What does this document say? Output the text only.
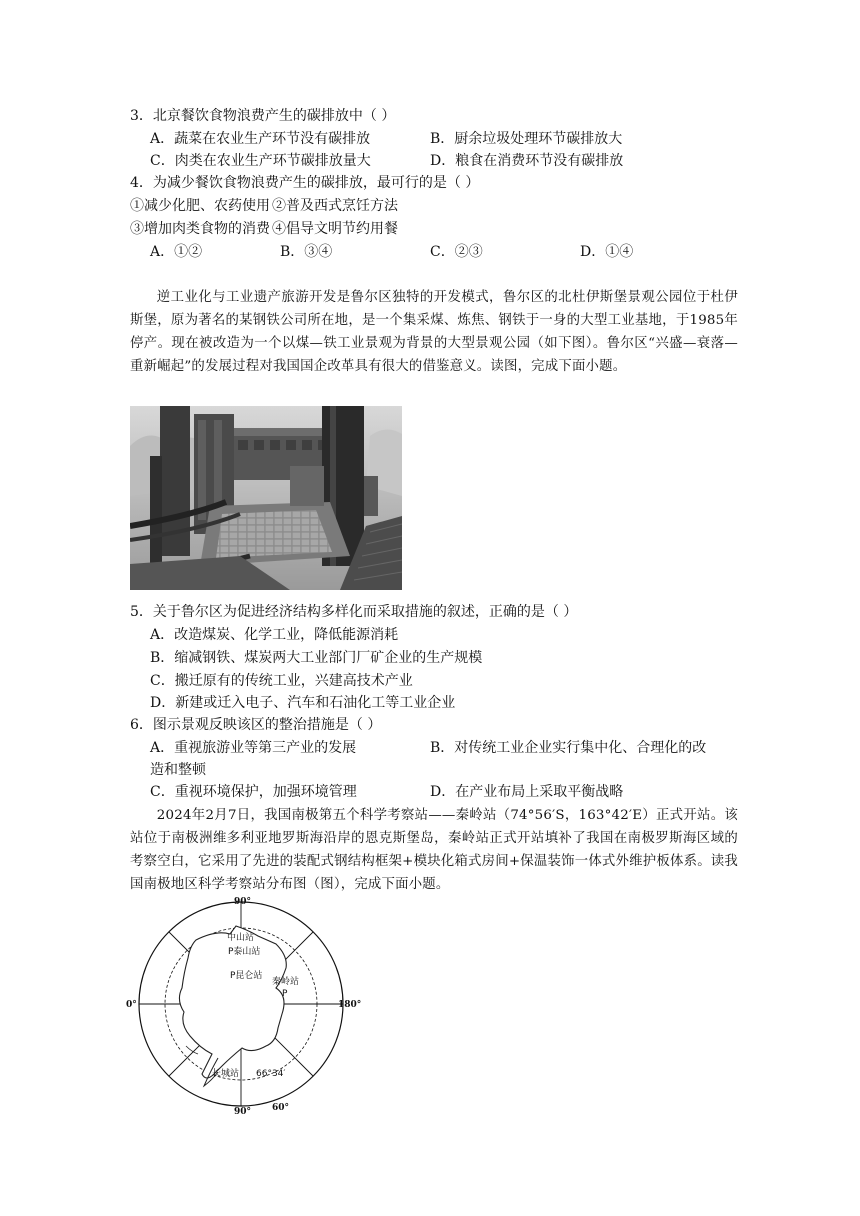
3．北京餐饮食物浪费产生的碳排放中（ ）
A．蔬菜在农业生产环节没有碳排放	B．厨余垃圾处理环节碳排放大
C．肉类在农业生产环节碳排放量大	D．粮食在消费环节没有碳排放
4．为减少餐饮食物浪费产生的碳排放，最可行的是（ ）
①减少化肥、农药使用 ②普及西式烹饪方法
③增加肉类食物的消费 ④倡导文明节约用餐
A．①②	B．③④	C．②③	D．①④

逆工业化与工业遗产旅游开发是鲁尔区独特的开发模式，鲁尔区的北杜伊斯堡景观公园位于杜伊斯堡，原为著名的某钢铁公司所在地，是一个集采煤、炼焦、钢铁于一身的大型工业基地，于1985年停产。现在被改造为一个以煤—铁工业景观为背景的大型景观公园（如下图）。鲁尔区“兴盛—衰落—重新崛起”的发展过程对我国国企改革具有很大的借鉴意义。读图，完成下面小题。

5．关于鲁尔区为促进经济结构多样化而采取措施的叙述，正确的是（ ）
A．改造煤炭、化学工业，降低能源消耗
B．缩减钢铁、煤炭两大工业部门厂矿企业的生产规模
C．搬迁原有的传统工业，兴建高技术产业
D．新建或迁入电子、汽车和石油化工等工业企业
6．图示景观反映该区的整治措施是（ ）
A．重视旅游业等第三产业的发展	B．对传统工业企业实行集中化、合理化的改
造和整顿
C．重视环境保护，加强环境管理	D．在产业布局上采取平衡战略

2024年2月7日，我国南极第五个科学考察站——秦岭站（74°56′S，163°42′E）正式开站。该站位于南极洲维多利亚地罗斯海沿岸的恩克斯堡岛，秦岭站正式开站填补了我国在南极罗斯海区域的考察空白，它采用了先进的装配式钢结构框架+模块化箱式房间+保温装饰一体式外维护板体系。读我国南极地区科学考察站分布图（图），完成下面小题。

中山站
P泰山站
P昆仑站
秦岭站
P
长城站 66°34′
90°
0°	180°
90° 60°
